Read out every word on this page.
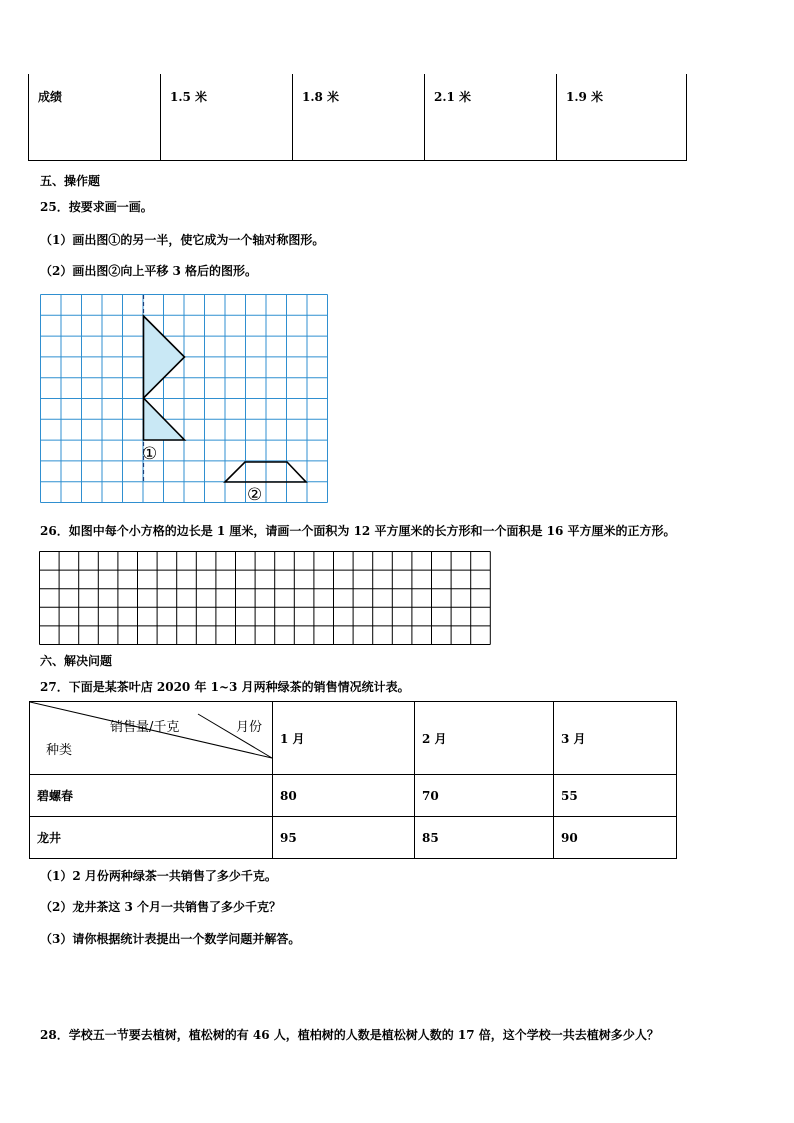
成绩	1.5 米	1.8 米	2.1 米	1.9 米
五、操作题
25．按要求画一画。
（1）画出图①的另一半，使它成为一个轴对称图形。
（2）画出图②向上平移 3 格后的图形。
①
②
26．如图中每个小方格的边长是 1 厘米，请画一个面积为 12 平方厘米的长方形和一个面积是 16 平方厘米的正方形。
六、解决问题
27．下面是某茶叶店 2020 年 1~3 月两种绿茶的销售情况统计表。
销售量/千克 月份
种类	1 月	2 月	3 月
碧螺春	80	70	55
龙井	95	85	90
（1）2 月份两种绿茶一共销售了多少千克。
（2）龙井茶这 3 个月一共销售了多少千克？
（3）请你根据统计表提出一个数学问题并解答。
28．学校五一节要去植树，植松树的有 46 人，植柏树的人数是植松树人数的 17 倍，这个学校一共去植树多少人？
